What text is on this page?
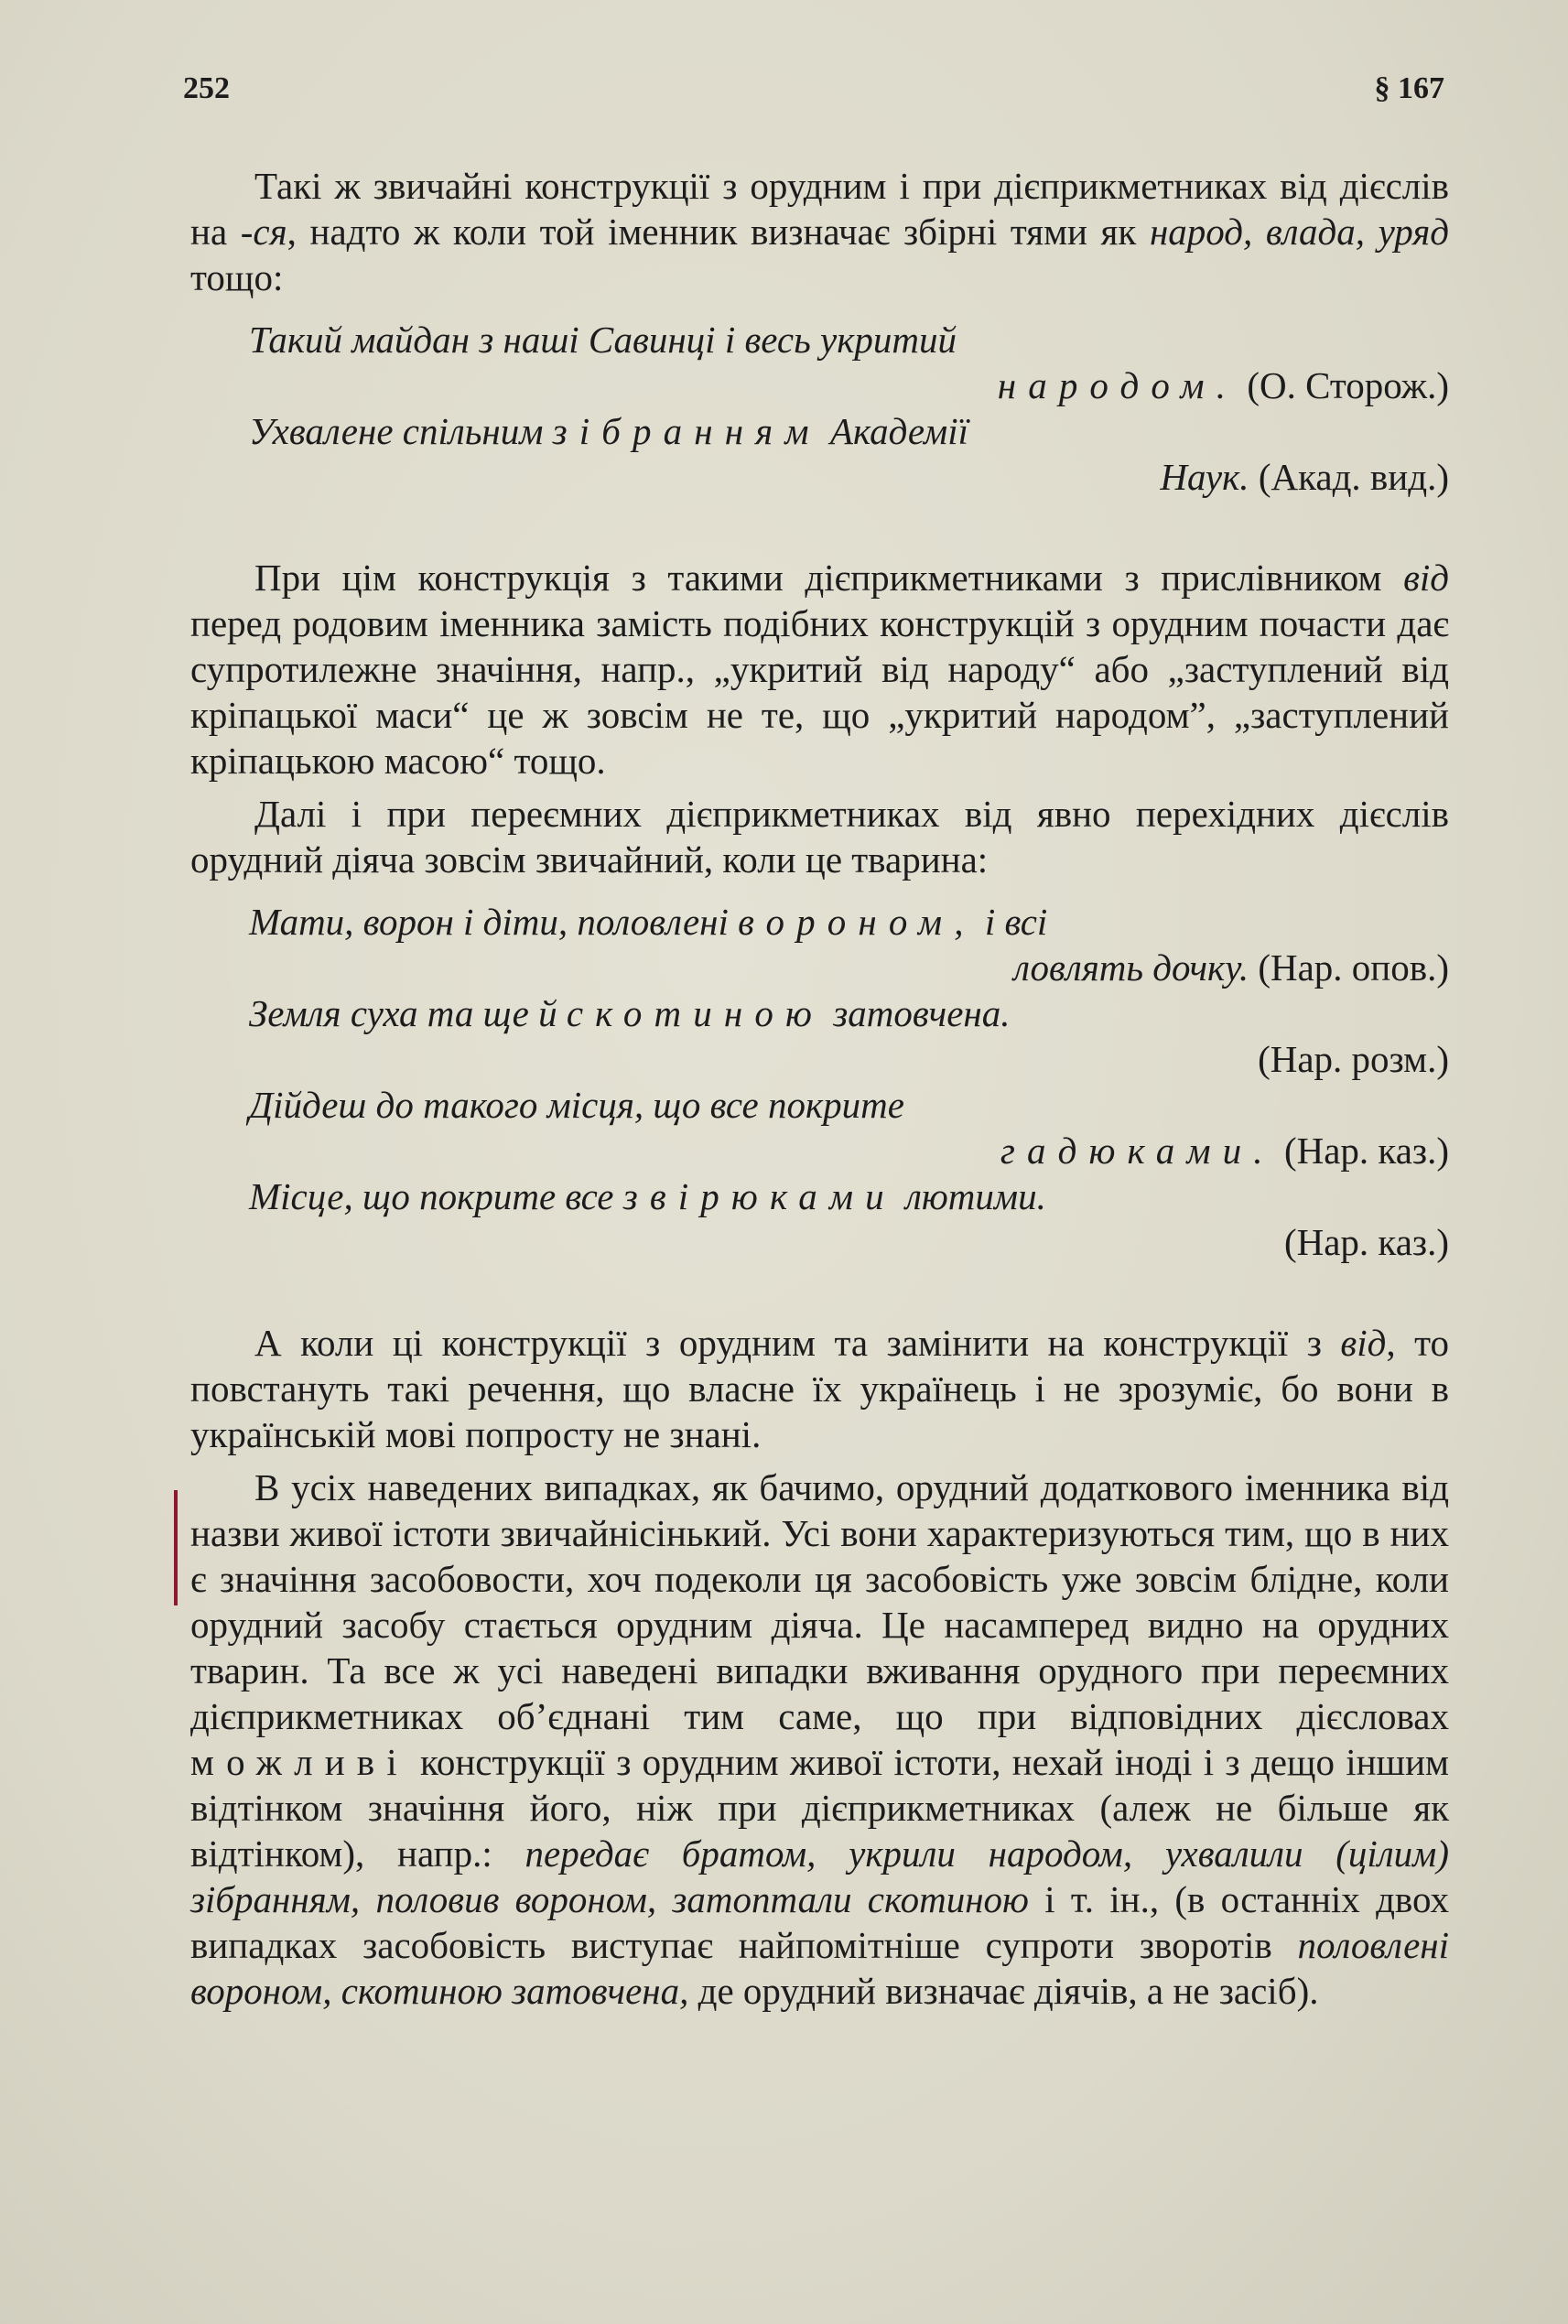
252	§ 167

Такі ж звичайні конструкції з орудним і при дієприкметниках від дієслів на -ся, надто ж коли той іменник визначає збірні тями як народ, влада, уряд тощо:

Такий майдан з наші Савинці і весь укритий
народом. (О. Сторож.)
Ухвалене спільним зібранням Академії
Наук. (Акад. вид.)

При цім конструкція з такими дієприкметниками з прислівником від перед родовим іменника замість подібних конструкцій з орудним почасти дає супротилежне значіння, напр., „укритий від народу“ або „заступлений від кріпацької маси“ це ж зовсім не те, що „укритий народом”, „заступлений кріпацькою масою“ тощо.

Далі і при переємних дієприкметниках від явно перехідних дієслів орудний діяча зовсім звичайний, коли це тварина:

Мати, ворон і діти, половлені вороном, і всі
ловлять дочку. (Нар. опов.)
Земля суха та ще й скотиною затовчена.
(Нар. розм.)
Дійдеш до такого місця, що все покрите
гадюками. (Нар. каз.)
Місце, що покрите все звірюками лютими.
(Нар. каз.)

А коли ці конструкції з орудним та замінити на конструкції з від, то повстануть такі речення, що власне їх українець і не зрозуміє, бо вони в українській мові попросту не знані.

В усіх наведених випадках, як бачимо, орудний додаткового іменника від назви живої істоти звичайнісінький. Усі вони характеризуються тим, що в них є значіння засобовости, хоч подеколи ця засобовість уже зовсім блідне, коли орудний засобу стається орудним діяча. Це насамперед видно на орудних тварин. Та все ж усі наведені випадки вживання орудного при переємних дієприкметниках об’єднані тим саме, що при відповідних дієсловах можливі конструкції з орудним живої істоти, нехай іноді і з дещо іншим відтінком значіння його, ніж при дієприкметниках (алеж не більше як відтінком), напр.: передає братом, укрили народом, ухвалили (цілим) зібранням, половив вороном, затоптали скотиною і т. ін., (в останніх двох випадках засобовість виступає найпомітніше супроти зворотів половлені вороном, скотиною затовчена, де орудний визначає діячів, а не засіб).
